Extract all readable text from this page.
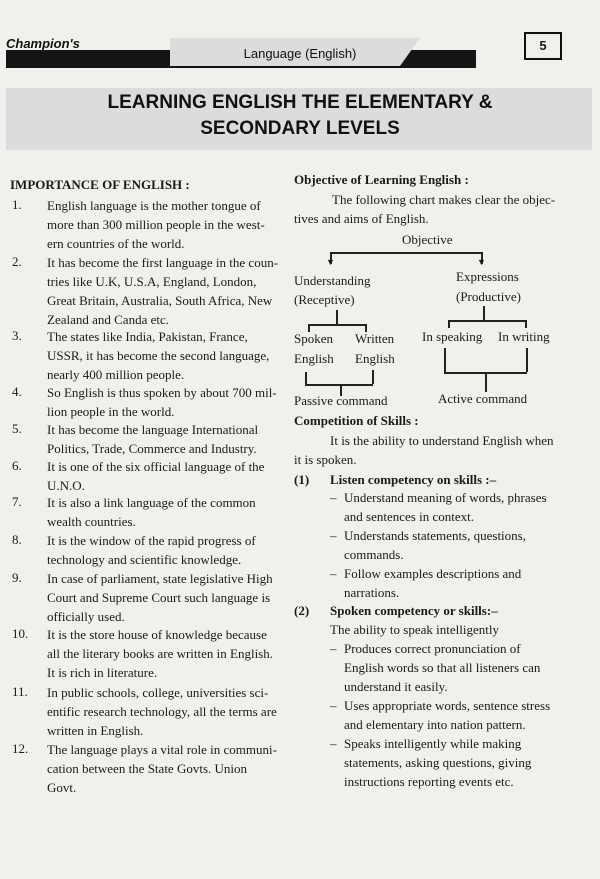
Champion's
Language (English)
5
LEARNING ENGLISH THE ELEMENTARY &
SECONDARY LEVELS
IMPORTANCE OF ENGLISH :
1. English language is the mother tongue of
more than 300 million people in the west-
ern countries of the world.
2. It has become the first language in the coun-
tries like U.K, U.S.A, England, London,
Great Britain, Australia, South Africa, New
Zealand and Canda etc.
3. The states like India, Pakistan, France,
USSR, it has become the second language,
nearly 400 million people.
4. So English is thus spoken by about 700 mil-
lion people in the world.
5. It has become the language International
Politics, Trade, Commerce and Industry.
6. It is one of the six official language of the
U.N.O.
7. It is also a link language of the common
wealth countries.
8. It is the window of the rapid progress of
technology and scientific knowledge.
9. In case of parliament, state legislative High
Court and Supreme Court such language is
officially used.
10. It is the store house of knowledge because
all the literary books are written in English.
It is rich in literature.
11. In public schools, college, universities sci-
entific research technology, all the terms are
written in English.
12. The language plays a vital role in communi-
cation between the State Govts. Union
Govt.
Objective of Learning English :
The following chart makes clear the objec-
tives and aims of English.
Objective
▼	▼
Understanding
(Receptive)
Expressions
(Productive)
Spoken
English
Written
English
Passive command
In speaking In writing
Active command
Competition of Skills :
It is the ability to understand English when
it is spoken.
(1) Listen competency on skills :–
– Understand meaning of words, phrases
and sentences in context.
– Understands statements, questions,
commands.
– Follow examples descriptions and
narrations.
(2) Spoken competency or skills:–
The ability to speak intelligently
– Produces correct pronunciation of
English words so that all listeners can
understand it easily.
– Uses appropriate words, sentence stress
and elementary into nation pattern.
– Speaks intelligently while making
statements, asking questions, giving
instructions reporting events etc.
